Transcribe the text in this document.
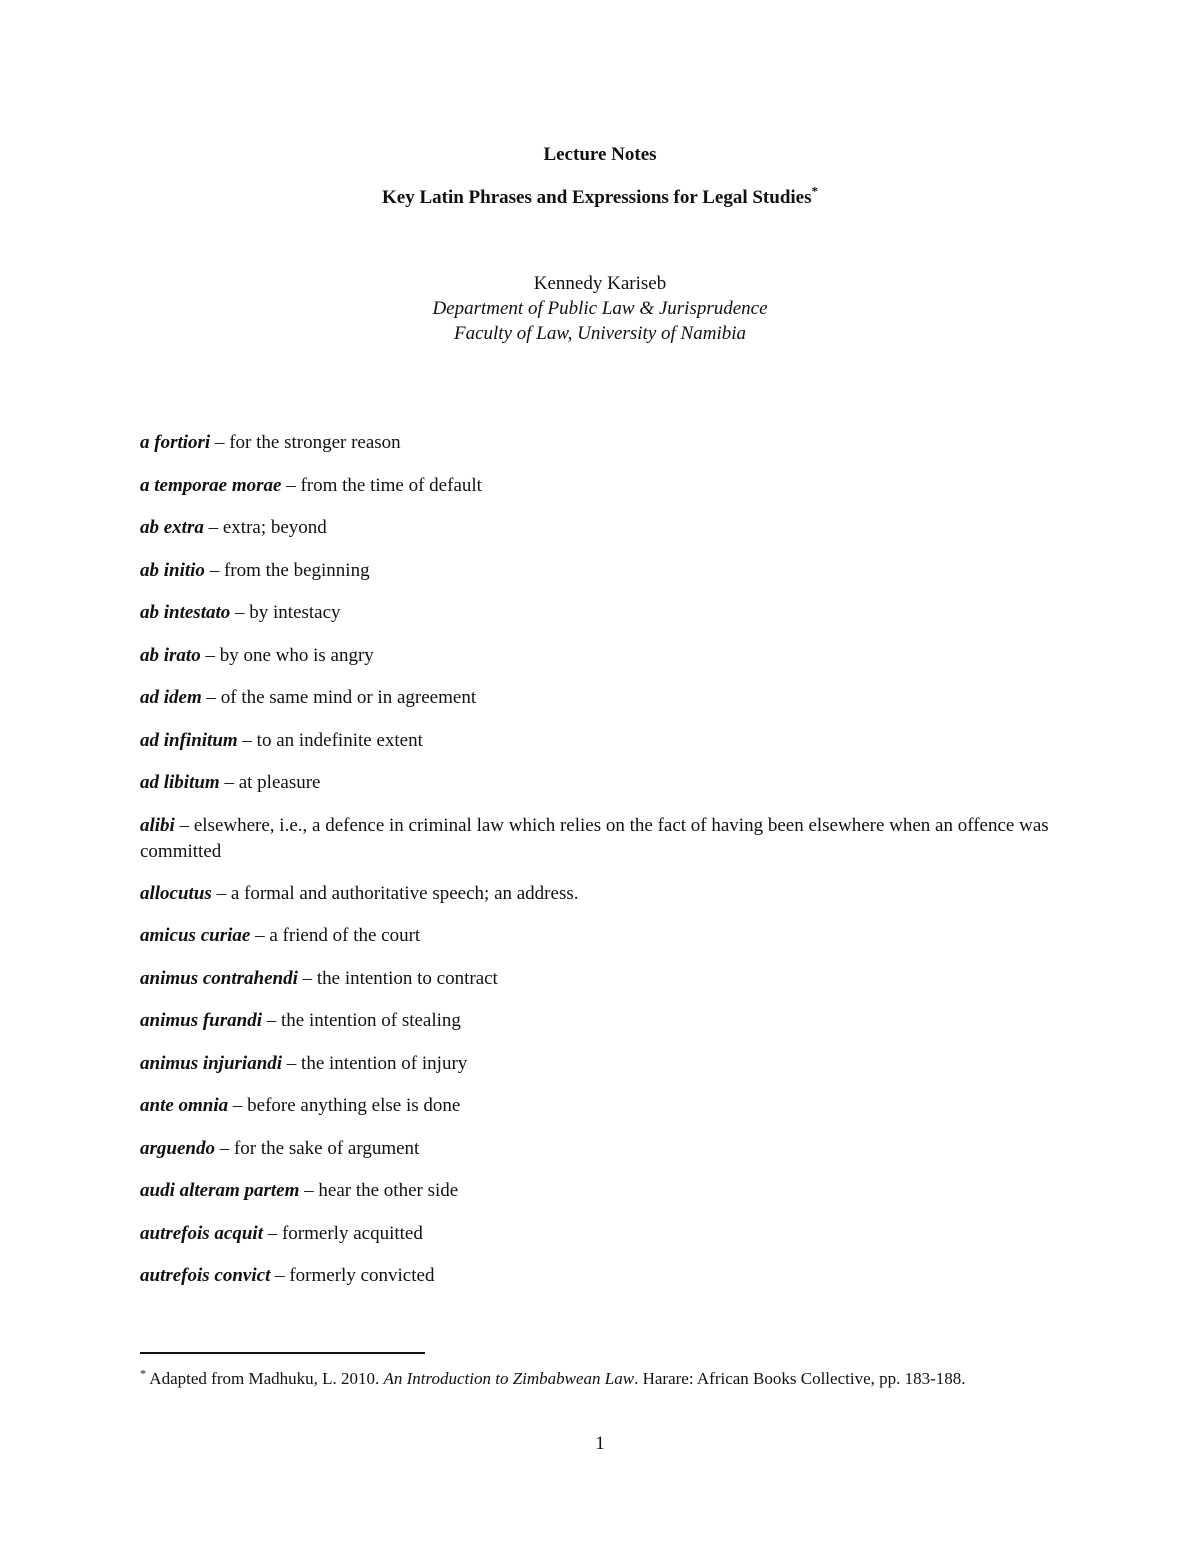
Lecture Notes
Key Latin Phrases and Expressions for Legal Studies*
Kennedy Kariseb
Department of Public Law & Jurisprudence
Faculty of Law, University of Namibia
a fortiori – for the stronger reason
a temporae morae – from the time of default
ab extra – extra; beyond
ab initio – from the beginning
ab intestato – by intestacy
ab irato – by one who is angry
ad idem – of the same mind or in agreement
ad infinitum – to an indefinite extent
ad libitum – at pleasure
alibi – elsewhere, i.e., a defence in criminal law which relies on the fact of having been elsewhere when an offence was committed
allocutus – a formal and authoritative speech; an address.
amicus curiae – a friend of the court
animus contrahendi – the intention to contract
animus furandi – the intention of stealing
animus injuriandi – the intention of injury
ante omnia – before anything else is done
arguendo – for the sake of argument
audi alteram partem – hear the other side
autrefois acquit – formerly acquitted
autrefois convict – formerly convicted
* Adapted from Madhuku, L. 2010. An Introduction to Zimbabwean Law. Harare: African Books Collective, pp. 183-188.
1
